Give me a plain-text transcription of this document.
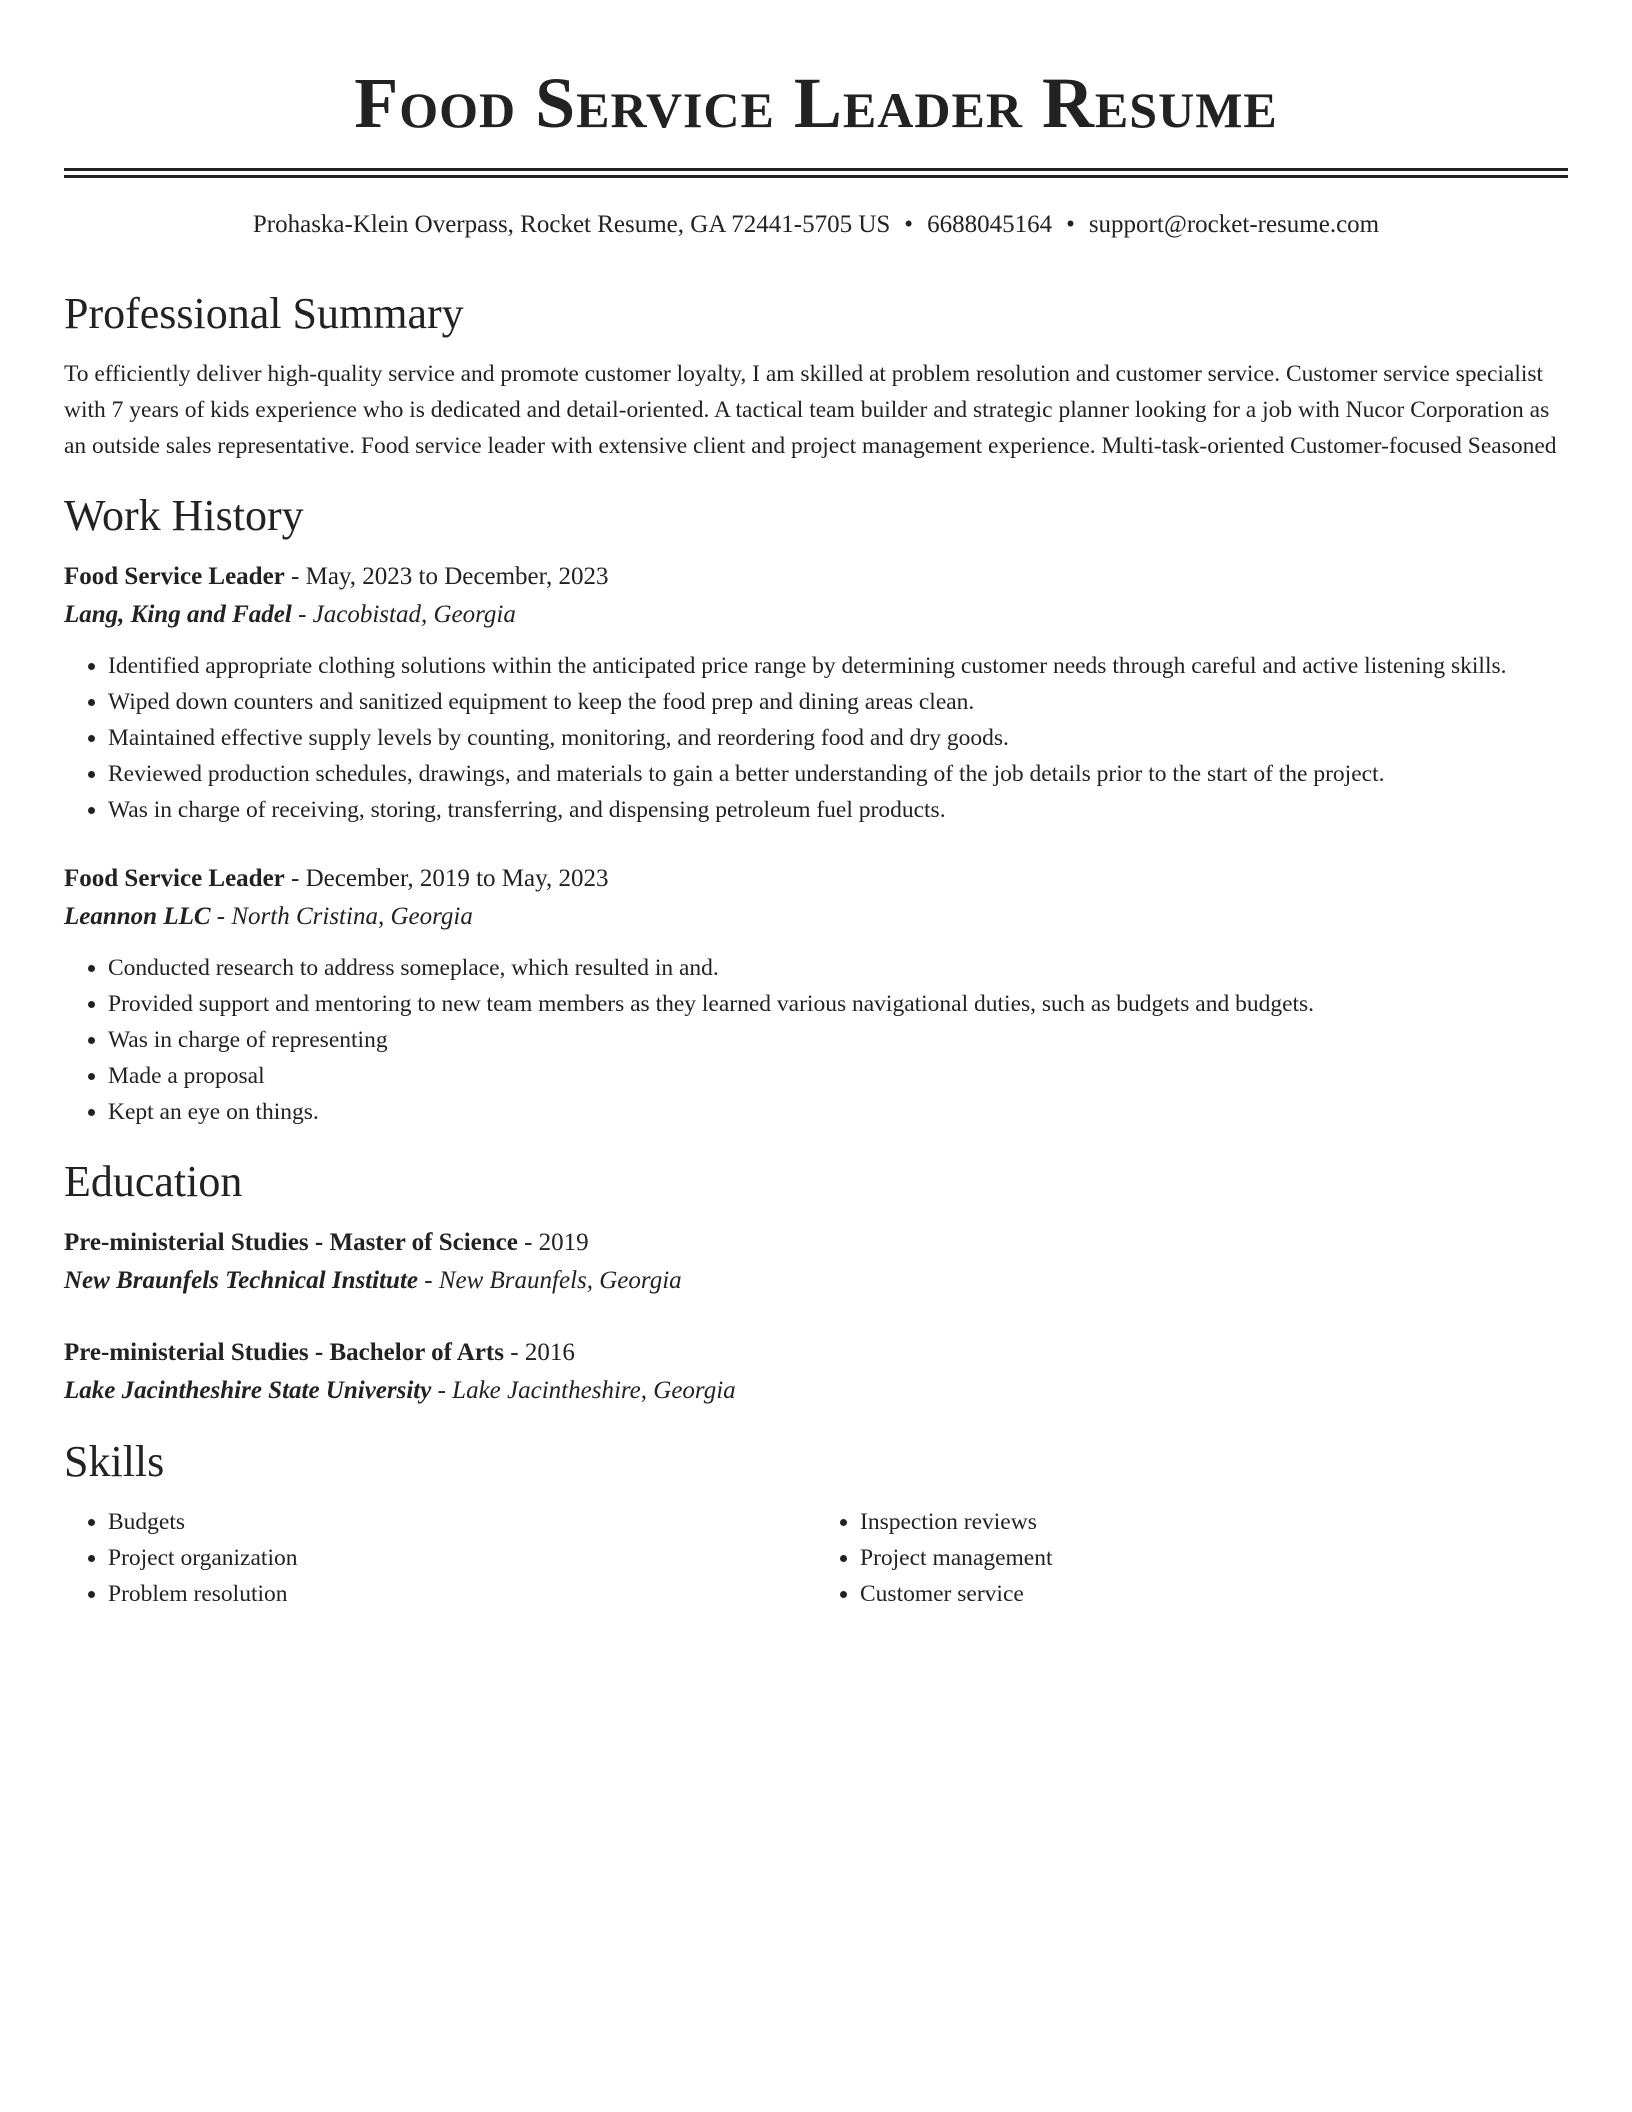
Food Service Leader Resume
Prohaska-Klein Overpass, Rocket Resume, GA 72441-5705 US • 6688045164 • support@rocket-resume.com
Professional Summary

To efficiently deliver high-quality service and promote customer loyalty, I am skilled at problem resolution and customer service. Customer service specialist with 7 years of kids experience who is dedicated and detail-oriented. A tactical team builder and strategic planner looking for a job with Nucor Corporation as an outside sales representative. Food service leader with extensive client and project management experience. Multi-task-oriented Customer-focused Seasoned

Work History
Food Service Leader - May, 2023 to December, 2023
Lang, King and Fadel - Jacobistad, Georgia
• Identified appropriate clothing solutions within the anticipated price range by determining customer needs through careful and active listening skills.
• Wiped down counters and sanitized equipment to keep the food prep and dining areas clean.
• Maintained effective supply levels by counting, monitoring, and reordering food and dry goods.
• Reviewed production schedules, drawings, and materials to gain a better understanding of the job details prior to the start of the project.
• Was in charge of receiving, storing, transferring, and dispensing petroleum fuel products.
Food Service Leader - December, 2019 to May, 2023
Leannon LLC - North Cristina, Georgia
• Conducted research to address someplace, which resulted in and.
• Provided support and mentoring to new team members as they learned various navigational duties, such as budgets and budgets.
• Was in charge of representing
• Made a proposal
• Kept an eye on things.
Education
Pre-ministerial Studies - Master of Science - 2019
New Braunfels Technical Institute - New Braunfels, Georgia
Pre-ministerial Studies - Bachelor of Arts - 2016
Lake Jacintheshire State University - Lake Jacintheshire, Georgia
Skills
• Budgets
• Project organization
• Problem resolution
• Inspection reviews
• Project management
• Customer service
